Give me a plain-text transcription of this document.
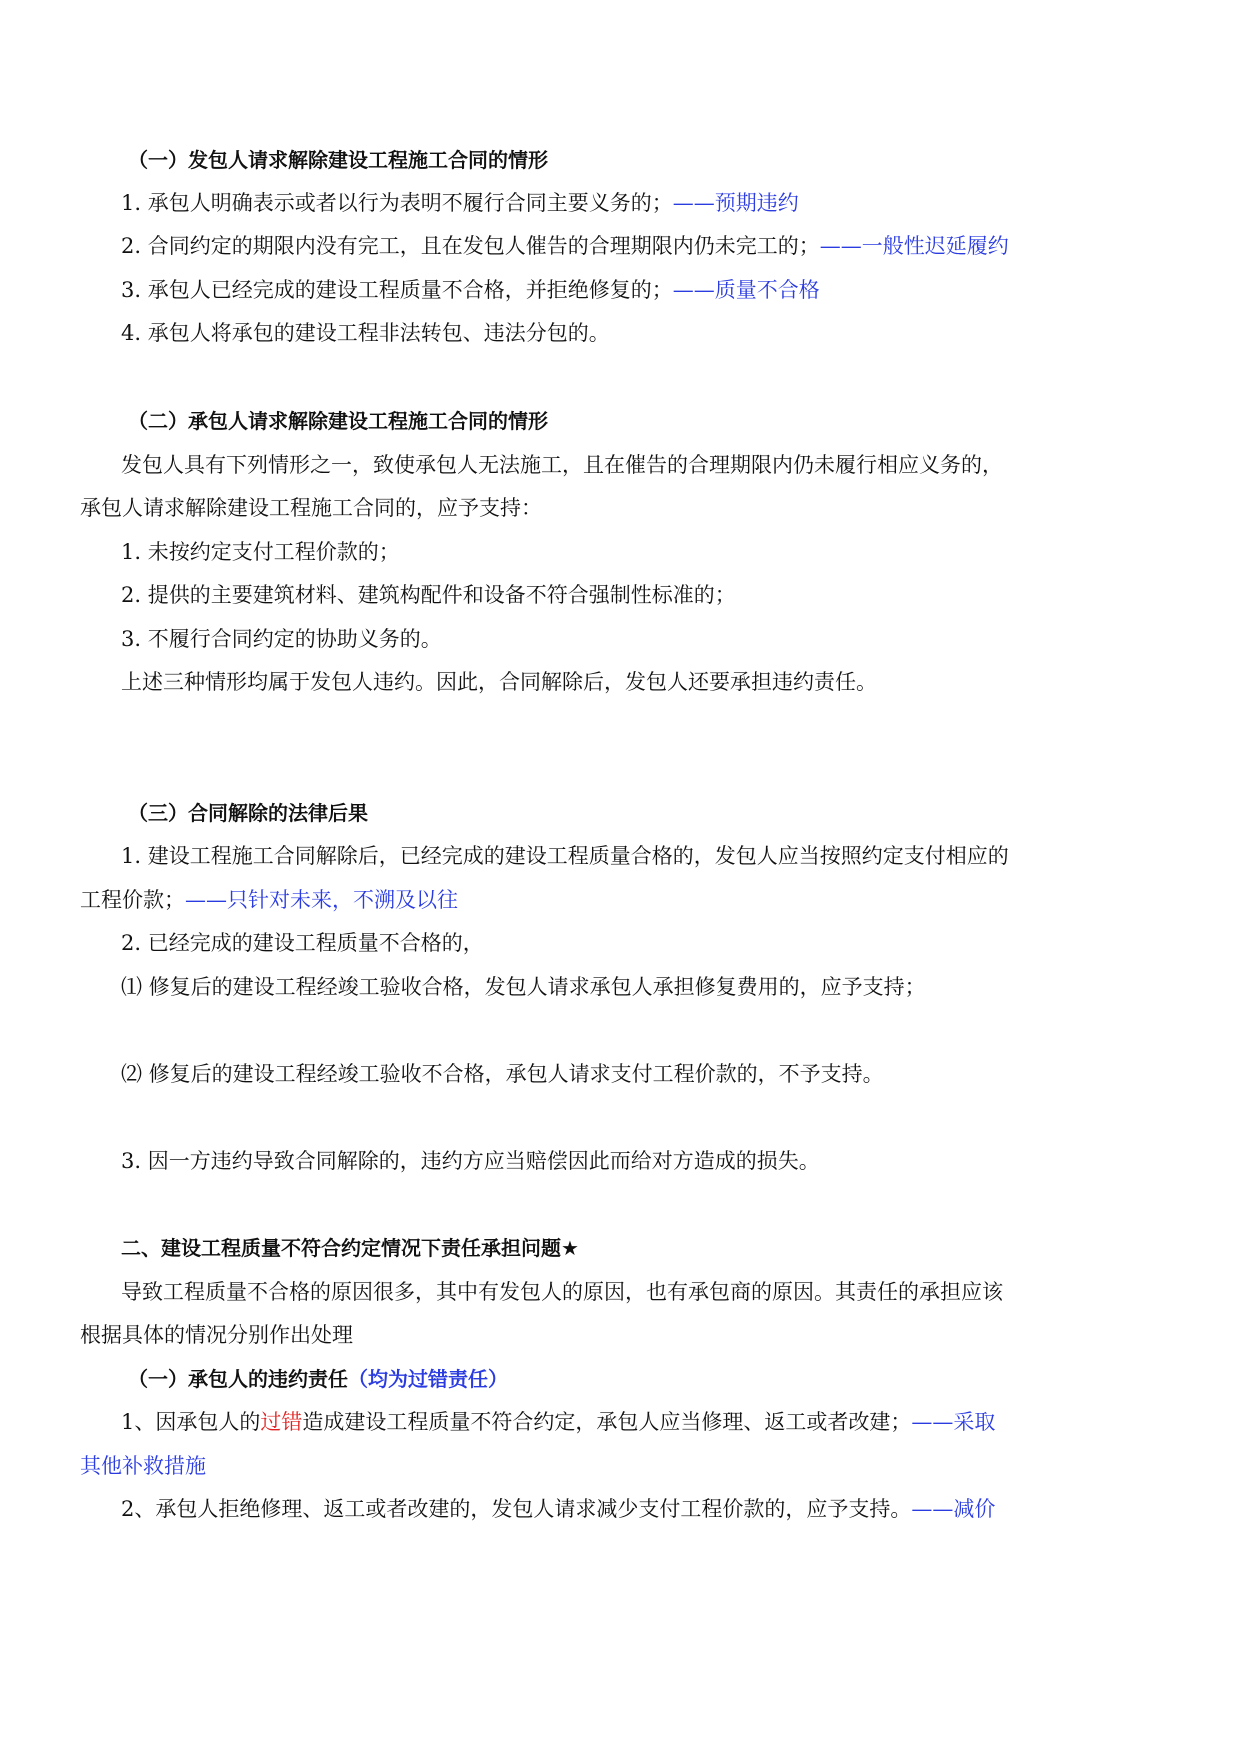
（一）发包人请求解除建设工程施工合同的情形
1. 承包人明确表示或者以行为表明不履行合同主要义务的；——预期违约
2. 合同约定的期限内没有完工，且在发包人催告的合理期限内仍未完工的；——一般性迟延履约
3. 承包人已经完成的建设工程质量不合格，并拒绝修复的；——质量不合格
4. 承包人将承包的建设工程非法转包、违法分包的。
（二）承包人请求解除建设工程施工合同的情形
发包人具有下列情形之一，致使承包人无法施工，且在催告的合理期限内仍未履行相应义务的，
承包人请求解除建设工程施工合同的，应予支持：
1. 未按约定支付工程价款的；
2. 提供的主要建筑材料、建筑构配件和设备不符合强制性标准的；
3. 不履行合同约定的协助义务的。
上述三种情形均属于发包人违约。因此，合同解除后，发包人还要承担违约责任。
（三）合同解除的法律后果
1. 建设工程施工合同解除后，已经完成的建设工程质量合格的，发包人应当按照约定支付相应的
工程价款；——只针对未来，不溯及以往
2. 已经完成的建设工程质量不合格的，
⑴ 修复后的建设工程经竣工验收合格，发包人请求承包人承担修复费用的，应予支持；
⑵ 修复后的建设工程经竣工验收不合格，承包人请求支付工程价款的，不予支持。
3. 因一方违约导致合同解除的，违约方应当赔偿因此而给对方造成的损失。
二、建设工程质量不符合约定情况下责任承担问题★
导致工程质量不合格的原因很多，其中有发包人的原因，也有承包商的原因。其责任的承担应该
根据具体的情况分别作出处理
（一）承包人的违约责任（均为过错责任）
1、因承包人的过错造成建设工程质量不符合约定，承包人应当修理、返工或者改建；——采取
其他补救措施
2、承包人拒绝修理、返工或者改建的，发包人请求减少支付工程价款的，应予支持。——减价
